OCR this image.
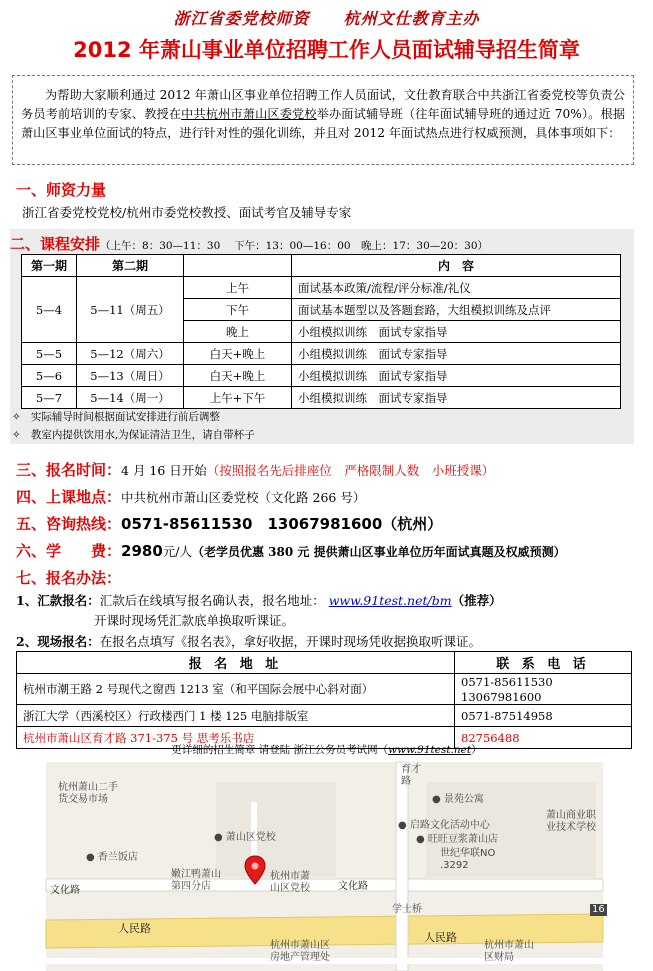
浙江省委党校师资　　杭州文仕教育主办
2012 年萧山事业单位招聘工作人员面试辅导招生简章
为帮助大家顺利通过 2012 年萧山区事业单位招聘工作人员面试，文仕教育联合中共浙江省委党校等负责公务员考前培训的专家、教授在中共杭州市萧山区委党校举办面试辅导班（往年面试辅导班的通过近 70%）。根据萧山区事业单位面试的特点，进行针对性的强化训练，并且对 2012 年面试热点进行权威预测，具体事项如下：
一、师资力量
浙江省委党校党校/杭州市委党校教授、面试考官及辅导专家
二、课程安排（上午：8：30—11：30　 下午：13：00—16：00　晚上：17：30—20：30）
第一期	第二期		内　容
5—4	5—11（周五）	上午	面试基本政策/流程/评分标准/礼仪
		下午	面试基本题型以及答题套路，大组模拟训练及点评
		晚上	小组模拟训练　面试专家指导
5—5	5—12（周六）	白天+晚上	小组模拟训练　面试专家指导
5—6	5—13（周日）	白天+晚上	小组模拟训练　面试专家指导
5—7	5—14（周一）	上午+下午	小组模拟训练　面试专家指导
✧ 实际辅导时间根据面试安排进行前后调整
✧ 教室内提供饮用水,为保证清洁卫生，请自带杯子
三、报名时间：4 月 16 日开始（按照报名先后排座位　严格限制人数　小班授课）
四、上课地点：中共杭州市萧山区委党校（文化路 266 号）
五、咨询热线：0571-85611530　13067981600（杭州）
六、学　　费：2980元/人（老学员优惠 380 元 提供萧山区事业单位历年面试真题及权威预测）
七、报名办法：
1、汇款报名：汇款后在线填写报名确认表，报名地址： www.91test.net/bm（推荐）
开课时现场凭汇款底单换取听课证。
2、现场报名：在报名点填写《报名表》，拿好收据，开课时现场凭收据换取听课证。
报 名 地 址	联 系 电 话
杭州市潮王路 2 号现代之窗西 1213 室（和平国际会展中心斜对面）	0571-85611530　13067981600
浙江大学（西溪校区）行政楼西门 1 楼 125 电脑排版室	0571-87514958
杭州市萧山区育才路 371-375 号 思考乐书店	82756488
更详细的招生简章 请登陆 浙江公务员考试网（www.91test.net）
杭州萧山二手
货交易市场
育才
路
● 景苑公寓
萧山商业职
业技术学校
● 萧山区党校
● 启路文化活动中心
● 旺旺豆浆萧山店
世纪华联NO
.3292
● 香兰饭店
嫩江鸭萧山
第四分店
杭州市萧
山区党校
文化路	文化路
学士桥
人民路
人民路
杭州市萧山区
房地产管理处
杭州市萧山
区财局
16
